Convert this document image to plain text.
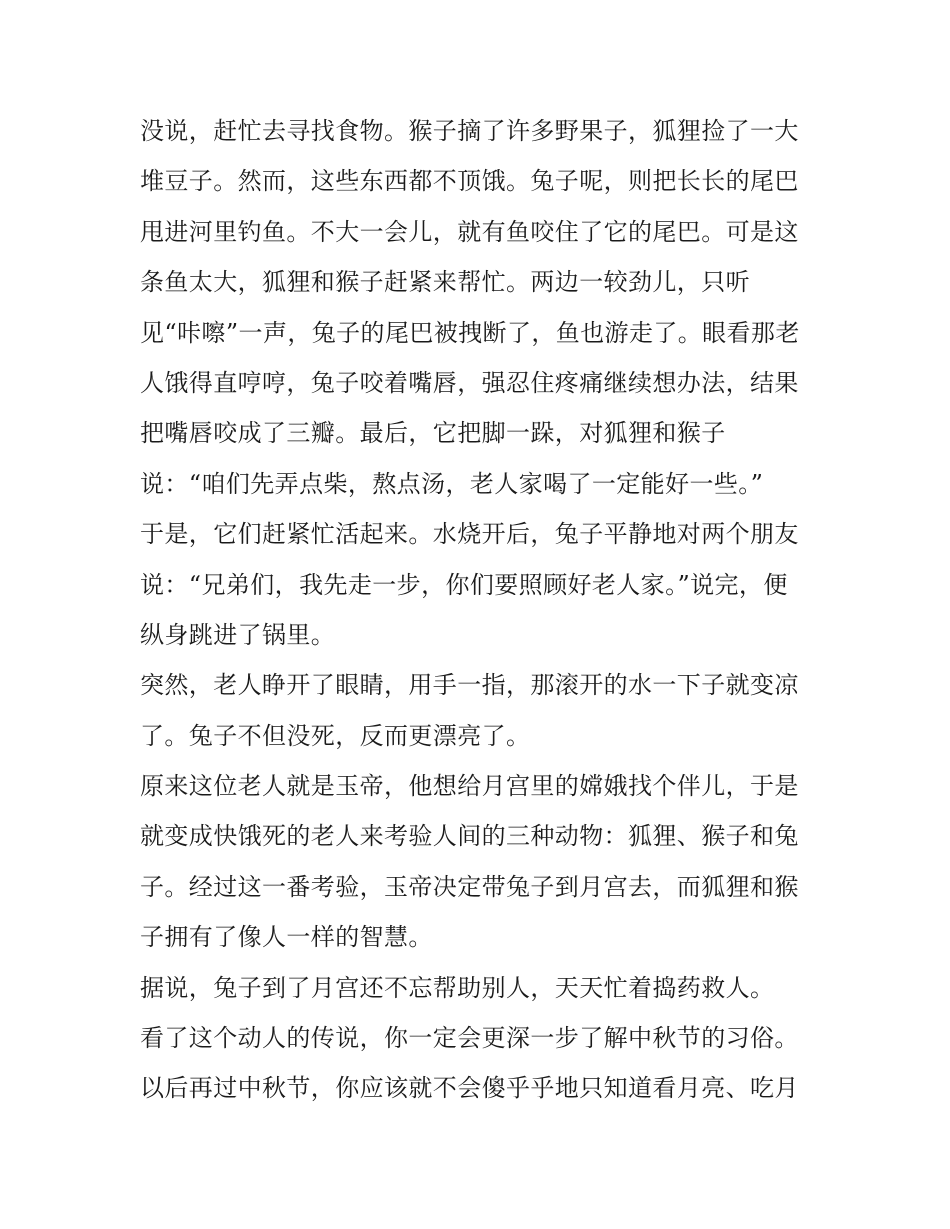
没说，赶忙去寻找食物。猴子摘了许多野果子，狐狸捡了一大
堆豆子。然而，这些东西都不顶饿。兔子呢，则把长长的尾巴
甩进河里钓鱼。不大一会儿，就有鱼咬住了它的尾巴。可是这
条鱼太大，狐狸和猴子赶紧来帮忙。两边一较劲儿，只听
见“咔嚓”一声，兔子的尾巴被拽断了，鱼也游走了。眼看那老
人饿得直哼哼，兔子咬着嘴唇，强忍住疼痛继续想办法，结果
把嘴唇咬成了三瓣。最后，它把脚一跺，对狐狸和猴子
说：“咱们先弄点柴，熬点汤，老人家喝了一定能好一些。”
于是，它们赶紧忙活起来。水烧开后，兔子平静地对两个朋友
说：“兄弟们，我先走一步，你们要照顾好老人家。”说完，便
纵身跳进了锅里。
突然，老人睁开了眼睛，用手一指，那滚开的水一下子就变凉
了。兔子不但没死，反而更漂亮了。
原来这位老人就是玉帝，他想给月宫里的嫦娥找个伴儿，于是
就变成快饿死的老人来考验人间的三种动物：狐狸、猴子和兔
子。经过这一番考验，玉帝决定带兔子到月宫去，而狐狸和猴
子拥有了像人一样的智慧。
据说，兔子到了月宫还不忘帮助别人，天天忙着捣药救人。
看了这个动人的传说，你一定会更深一步了解中秋节的习俗。
以后再过中秋节，你应该就不会傻乎乎地只知道看月亮、吃月
